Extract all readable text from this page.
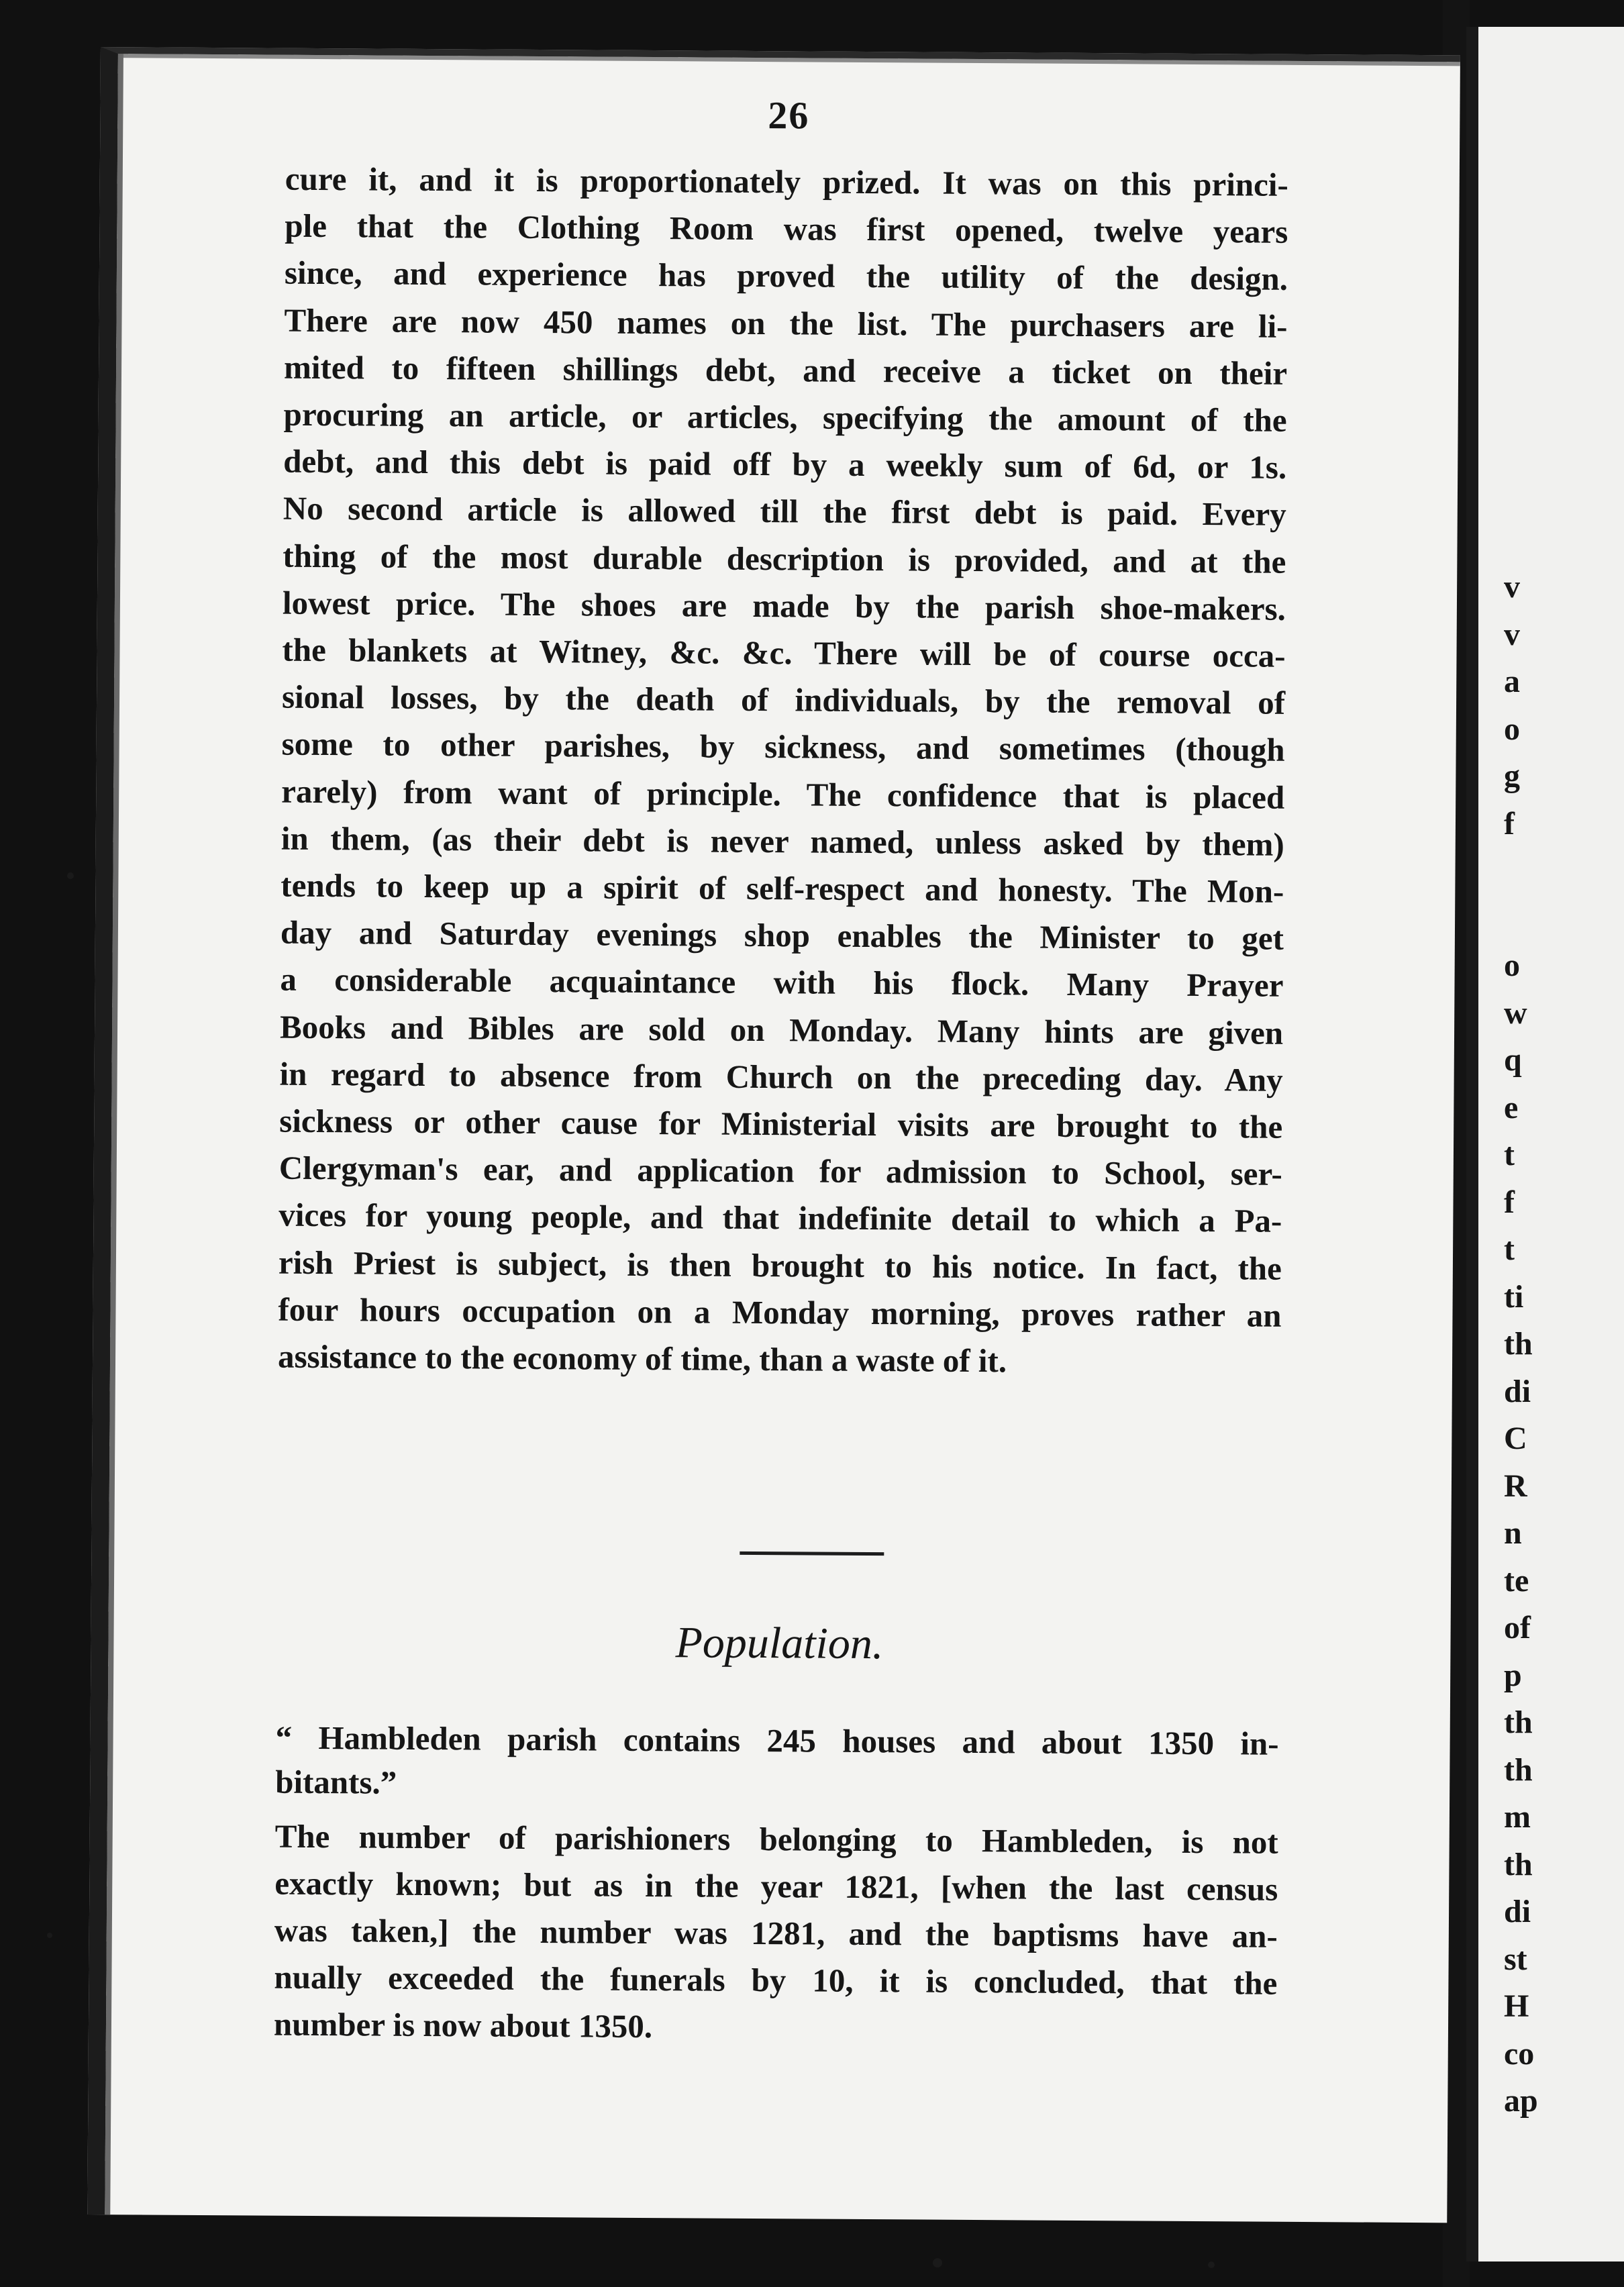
26
cure it, and it is proportionately prized. It was on this princi-
ple that the Clothing Room was first opened, twelve years
since, and experience has proved the utility of the design.
There are now 450 names on the list. The purchasers are li-
mited to fifteen shillings debt, and receive a ticket on their
procuring an article, or articles, specifying the amount of the
debt, and this debt is paid off by a weekly sum of 6d, or 1s.
No second article is allowed till the first debt is paid. Every
thing of the most durable description is provided, and at the
lowest price. The shoes are made by the parish shoe-makers.
the blankets at Witney, &c. &c. There will be of course occa-
sional losses, by the death of individuals, by the removal of
some to other parishes, by sickness, and sometimes (though
rarely) from want of principle. The confidence that is placed
in them, (as their debt is never named, unless asked by them)
tends to keep up a spirit of self-respect and honesty. The Mon-
day and Saturday evenings shop enables the Minister to get
a considerable acquaintance with his flock. Many Prayer
Books and Bibles are sold on Monday. Many hints are given
in regard to absence from Church on the preceding day. Any
sickness or other cause for Ministerial visits are brought to the
Clergyman's ear, and application for admission to School, ser-
vices for young people, and that indefinite detail to which a Pa-
rish Priest is subject, is then brought to his notice. In fact, the
four hours occupation on a Monday morning, proves rather an
assistance to the economy of time, than a waste of it.
Population.
“ Hambleden parish contains 245 houses and about 1350 in-
bitants.”
The number of parishioners belonging to Hambleden, is not
exactly known; but as in the year 1821, [when the last census
was taken,] the number was 1281, and the baptisms have an-
nually exceeded the funerals by 10, it is concluded, that the
number is now about 1350.
v
v
a
o
g
f

o
w
q
e
t
f
t
ti
th
di
C
R
n
te
of
p
th
th
m
th
di
st
H
co
ap
